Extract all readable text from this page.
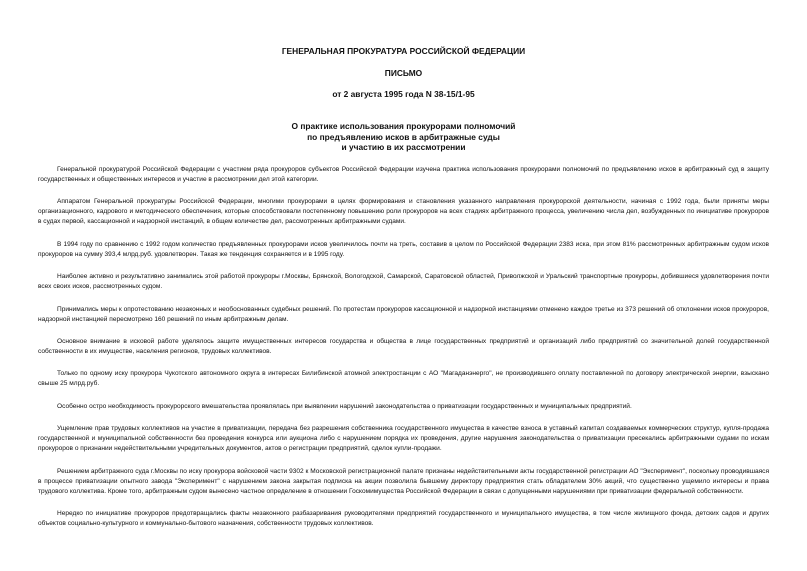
ГЕНЕРАЛЬНАЯ ПРОКУРАТУРА РОССИЙСКОЙ ФЕДЕРАЦИИ
ПИСЬМО
от 2 августа 1995 года N 38-15/1-95
О практике использования прокурорами полномочий
по предъявлению исков в арбитражные суды
и участию в их рассмотрении

Генеральной прокуратурой Российской Федерации с участием ряда прокуроров субъектов Российской Федерации изучена практика использования прокурорами полномочий по предъявлению исков в арбитражный суд в защиту государственных и общественных интересов и участие в рассмотрении дел этой категории.

Аппаратом Генеральной прокуратуры Российской Федерации, многими прокурорами в целях формирования и становления указанного направления прокурорской деятельности, начиная с 1992 года, были приняты меры организационного, кадрового и методического обеспечения, которые способствовали постепенному повышению роли прокуроров на всех стадиях арбитражного процесса, увеличению числа дел, возбужденных по инициативе прокуроров в судах первой, кассационной и надзорной инстанций, в общем количестве дел, рассмотренных арбитражными судами.

В 1994 году по сравнению с 1992 годом количество предъявленных прокурорами исков увеличилось почти на треть, составив в целом по Российской Федерации 2383 иска, при этом 81% рассмотренных арбитражным судом исков прокуроров на сумму 393,4 млрд.руб. удовлетворен. Такая же тенденция сохраняется и в 1995 году.

Наиболее активно и результативно занимались этой работой прокуроры г.Москвы, Брянской, Вологодской, Самарской, Саратовской областей, Приволжской и Уральский транспортные прокуроры, добившиеся удовлетворения почти всех своих исков, рассмотренных судом.

Принимались меры к опротестованию незаконных и необоснованных судебных решений. По протестам прокуроров кассационной и надзорной инстанциями отменено каждое третье из 373 решений об отклонении исков прокуроров, надзорной инстанцией пересмотрено 160 решений по иным арбитражным делам.

Основное внимание в исковой работе уделялось защите имущественных интересов государства и общества в лице государственных предприятий и организаций либо предприятий со значительной долей государственной собственности в их имуществе, населения регионов, трудовых коллективов.

Только по одному иску прокурора Чукотского автономного округа в интересах Билибинской атомной электростанции с АО "Магаданэнерго", не производившего оплату поставленной по договору электрической энергии, взыскано свыше 25 млрд.руб.

Особенно остро необходимость прокурорского вмешательства проявлялась при выявлении нарушений законодательства о приватизации государственных и муниципальных предприятий.

Ущемление прав трудовых коллективов на участие в приватизации, передача без разрешения собственника государственного имущества в качестве взноса в уставный капитал создаваемых коммерческих структур, купля-продажа государственной и муниципальной собственности без проведения конкурса или аукциона либо с нарушением порядка их проведения, другие нарушения законодательства о приватизации пресекались арбитражными судами по искам прокуроров о признании недействительными учредительных документов, актов о регистрации предприятий, сделок купли-продажи.

Решением арбитражного суда г.Москвы по иску прокурора войсковой части 9302 к Московской регистрационной палате признаны недействительными акты государственной регистрации АО "Эксперимент", поскольку проводившаяся в процессе приватизации опытного завода "Эксперимент" с нарушением закона закрытая подписка на акции позволила бывшему директору предприятия стать обладателем 30% акций, что существенно ущемило интересы и права трудового коллектива. Кроме того, арбитражным судом вынесено частное определение в отношении Госкомимущества Российской Федерации в связи с допущенными нарушениями при приватизации федеральной собственности.

Нередко по инициативе прокуроров предотвращались факты незаконного разбазаривания руководителями предприятий государственного и муниципального имущества, в том числе жилищного фонда, детских садов и других объектов социально-культурного и коммунально-бытового назначения, собственности трудовых коллективов.
